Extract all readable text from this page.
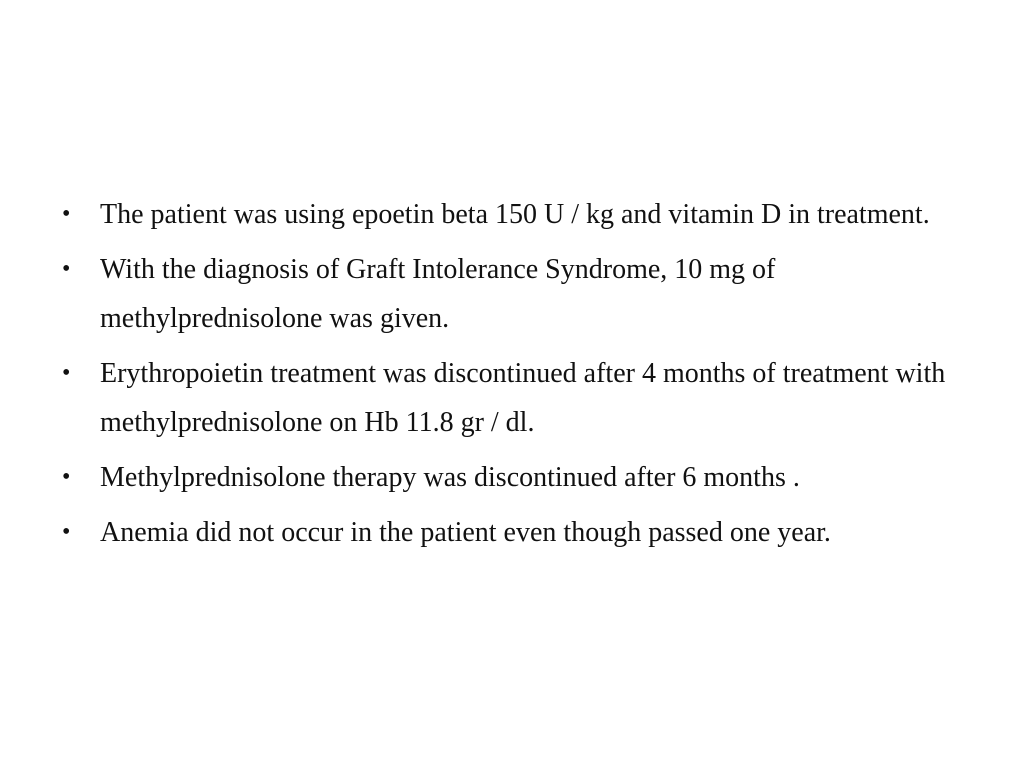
•	The patient was using epoetin beta 150 U / kg and vitamin D in treatment.
•	With the diagnosis of Graft Intolerance Syndrome, 10 mg of methylprednisolone was given.
•	Erythropoietin treatment was discontinued after 4 months of treatment with methylprednisolone on Hb 11.8 gr / dl.
•	Methylprednisolone therapy was discontinued after 6 months .
•	Anemia did not occur in the patient even though passed one year.
